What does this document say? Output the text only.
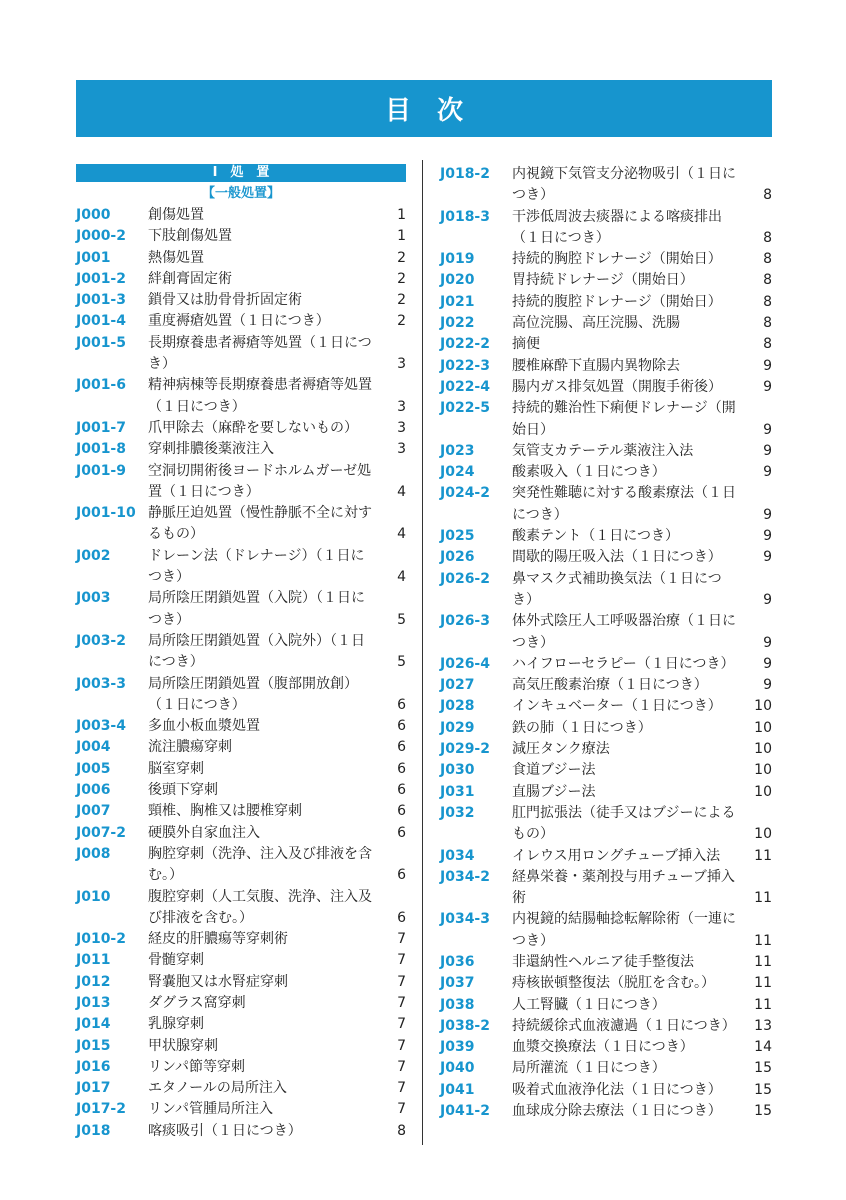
目　次
Ⅰ　処　置
【一般処置】
J000	創傷処置	1
J000-2	下肢創傷処置	1
J001	熱傷処置	2
J001-2	絆創膏固定術	2
J001-3	鎖骨又は肋骨骨折固定術	2
J001-4	重度褥瘡処置（１日につき）	2
J001-5	長期療養患者褥瘡等処置（１日につき）	3
J001-6	精神病棟等長期療養患者褥瘡等処置（１日につき）	3
J001-7	爪甲除去（麻酔を要しないもの）	3
J001-8	穿刺排膿後薬液注入	3
J001-9	空洞切開術後ヨードホルムガーゼ処置（１日につき）	4
J001-10 静脈圧迫処置（慢性静脈不全に対するもの）	4
J002	ドレーン法（ドレナージ）（１日につき）	4
J003	局所陰圧閉鎖処置（入院）（１日につき）	5
J003-2	局所陰圧閉鎖処置（入院外）（１日につき）	5
J003-3	局所陰圧閉鎖処置（腹部開放創）（１日につき）	6
J003-4	多血小板血漿処置	6
J004	流注膿瘍穿刺	6
J005	脳室穿刺	6
J006	後頭下穿刺	6
J007	頸椎、胸椎又は腰椎穿刺	6
J007-2	硬膜外自家血注入	6
J008	胸腔穿刺（洗浄、注入及び排液を含む。）	6
J010	腹腔穿刺（人工気腹、洗浄、注入及び排液を含む。）	6
J010-2	経皮的肝膿瘍等穿刺術	7
J011	骨髄穿刺	7
J012	腎嚢胞又は水腎症穿刺	7
J013	ダグラス窩穿刺	7
J014	乳腺穿刺	7
J015	甲状腺穿刺	7
J016	リンパ節等穿刺	7
J017	エタノールの局所注入	7
J017-2	リンパ管腫局所注入	7
J018	喀痰吸引（１日につき）	8
J018-2	内視鏡下気管支分泌物吸引（１日につき）	8
J018-3	干渉低周波去痰器による喀痰排出（１日につき）	8
J019	持続的胸腔ドレナージ（開始日）	8
J020	胃持続ドレナージ（開始日）	8
J021	持続的腹腔ドレナージ（開始日）	8
J022	高位浣腸、高圧浣腸、洗腸	8
J022-2	摘便	8
J022-3	腰椎麻酔下直腸内異物除去	9
J022-4	腸内ガス排気処置（開腹手術後）	9
J022-5	持続的難治性下痢便ドレナージ（開始日）	9
J023	気管支カテーテル薬液注入法	9
J024	酸素吸入（１日につき）	9
J024-2	突発性難聴に対する酸素療法（１日につき）	9
J025	酸素テント（１日につき）	9
J026	間歇的陽圧吸入法（１日につき）	9
J026-2	鼻マスク式補助換気法（１日につき）	9
J026-3	体外式陰圧人工呼吸器治療（１日につき）	9
J026-4	ハイフローセラピー（１日につき）	9
J027	高気圧酸素治療（１日につき）	9
J028	インキュベーター（１日につき）	10
J029	鉄の肺（１日につき）	10
J029-2	減圧タンク療法	10
J030	食道ブジー法	10
J031	直腸ブジー法	10
J032	肛門拡張法（徒手又はブジーによるもの）	10
J034	イレウス用ロングチューブ挿入法	11
J034-2	経鼻栄養・薬剤投与用チューブ挿入術	11
J034-3	内視鏡的結腸軸捻転解除術（一連につき）	11
J036	非還納性ヘルニア徒手整復法	11
J037	痔核嵌頓整復法（脱肛を含む。）	11
J038	人工腎臓（１日につき）	11
J038-2	持続緩徐式血液濾過（１日につき）	13
J039	血漿交換療法（１日につき）	14
J040	局所灌流（１日につき）	15
J041	吸着式血液浄化法（１日につき）	15
J041-2	血球成分除去療法（１日につき）	15
